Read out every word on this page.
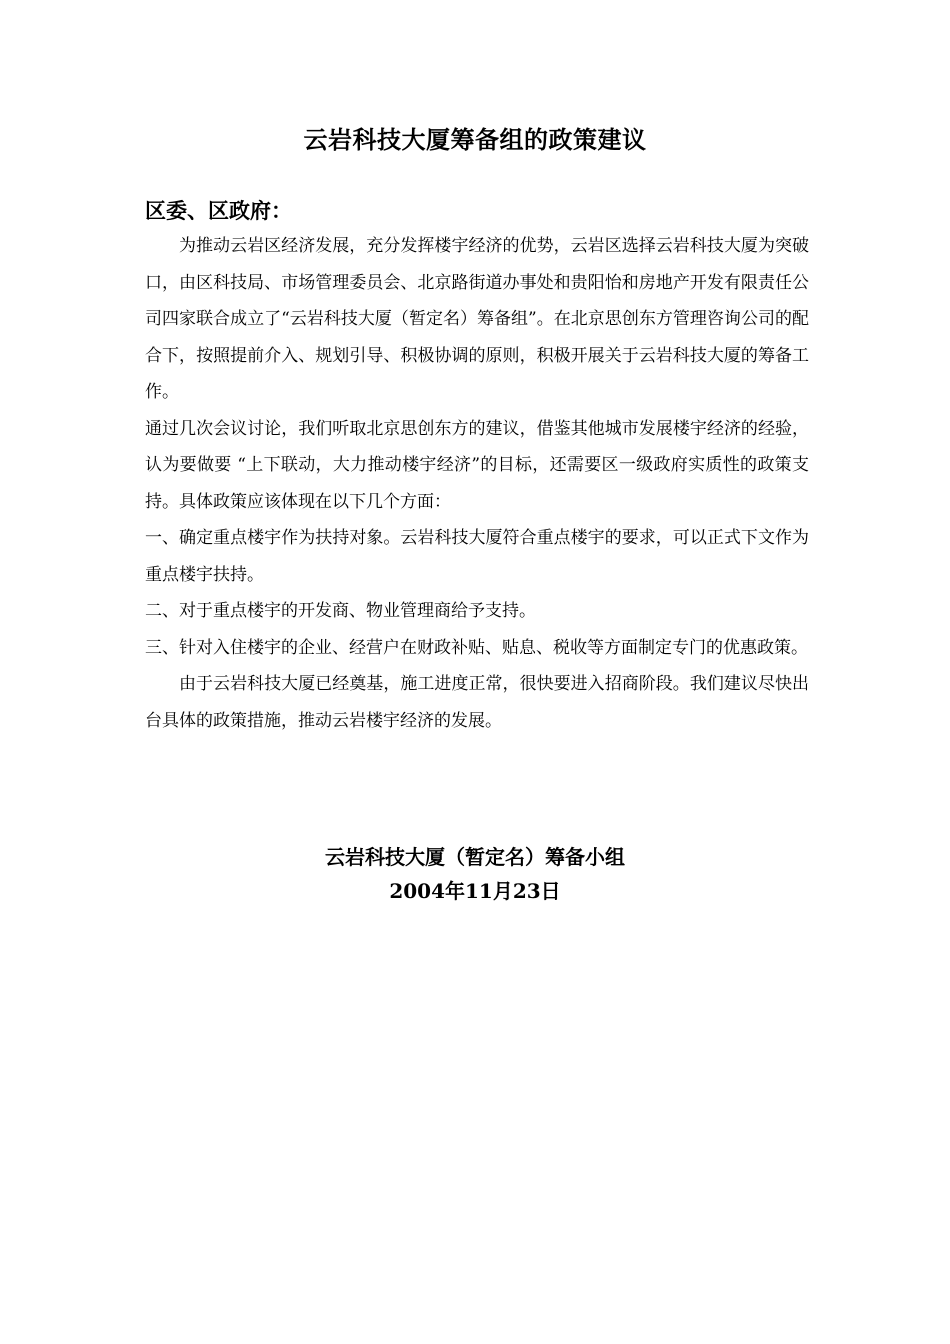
云岩科技大厦筹备组的政策建议
区委、区政府：

为推动云岩区经济发展，充分发挥楼宇经济的优势，云岩区选择云岩科技大厦为突破口，由区科技局、市场管理委员会、北京路街道办事处和贵阳怡和房地产开发有限责任公司四家联合成立了“云岩科技大厦（暂定名）筹备组”。在北京思创东方管理咨询公司的配合下，按照提前介入、规划引导、积极协调的原则，积极开展关于云岩科技大厦的筹备工作。

通过几次会议讨论，我们听取北京思创东方的建议，借鉴其他城市发展楼宇经济的经验，认为要做要 “上下联动，大力推动楼宇经济”的目标，还需要区一级政府实质性的政策支持。具体政策应该体现在以下几个方面：

一、确定重点楼宇作为扶持对象。云岩科技大厦符合重点楼宇的要求，可以正式下文作为重点楼宇扶持。

二、对于重点楼宇的开发商、物业管理商给予支持。

三、针对入住楼宇的企业、经营户在财政补贴、贴息、税收等方面制定专门的优惠政策。

由于云岩科技大厦已经奠基，施工进度正常，很快要进入招商阶段。我们建议尽快出台具体的政策措施，推动云岩楼宇经济的发展。

云岩科技大厦（暂定名）筹备小组
2004年11月23日
